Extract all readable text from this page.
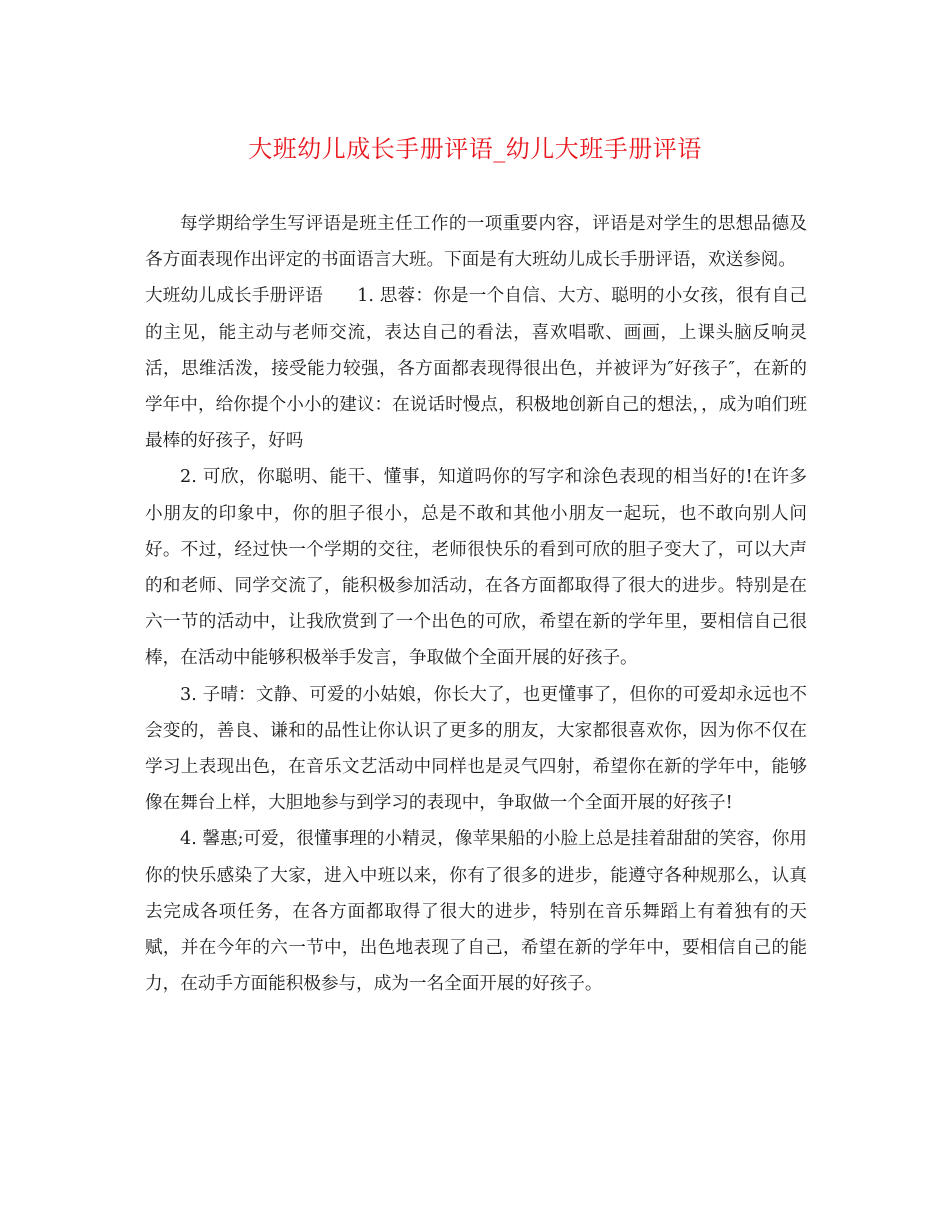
大班幼儿成长手册评语_幼儿大班手册评语

每学期给学生写评语是班主任工作的一项重要内容，评语是对学生的思想品德及各方面表现作出评定的书面语言大班。下面是有大班幼儿成长手册评语，欢送参阅。

大班幼儿成长手册评语 1. 思蓉：你是一个自信、大方、聪明的小女孩，很有自己的主见，能主动与老师交流，表达自己的看法，喜欢唱歌、画画，上课头脑反响灵活，思维活泼，接受能力较强，各方面都表现得很出色，并被评为″好孩子″，在新的学年中，给你提个小小的建议：在说话时慢点，积极地创新自己的想法，，成为咱们班最棒的好孩子，好吗

2. 可欣，你聪明、能干、懂事，知道吗你的写字和涂色表现的相当好的!在许多小朋友的印象中，你的胆子很小，总是不敢和其他小朋友一起玩，也不敢向别人问好。不过，经过快一个学期的交往，老师很快乐的看到可欣的胆子变大了，可以大声的和老师、同学交流了，能积极参加活动，在各方面都取得了很大的进步。特别是在六一节的活动中，让我欣赏到了一个出色的可欣，希望在新的学年里，要相信自己很棒，在活动中能够积极举手发言，争取做个全面开展的好孩子。

3. 子晴：文静、可爱的小姑娘，你长大了，也更懂事了，但你的可爱却永远也不会变的，善良、谦和的品性让你认识了更多的朋友，大家都很喜欢你，因为你不仅在学习上表现出色，在音乐文艺活动中同样也是灵气四射，希望你在新的学年中，能够像在舞台上样，大胆地参与到学习的表现中，争取做一个全面开展的好孩子!

4. 馨惠;可爱，很懂事理的小精灵，像苹果船的小脸上总是挂着甜甜的笑容，你用你的快乐感染了大家，进入中班以来，你有了很多的进步，能遵守各种规那么，认真去完成各项任务，在各方面都取得了很大的进步，特别在音乐舞蹈上有着独有的天赋，并在今年的六一节中，出色地表现了自己，希望在新的学年中，要相信自己的能力，在动手方面能积极参与，成为一名全面开展的好孩子。
